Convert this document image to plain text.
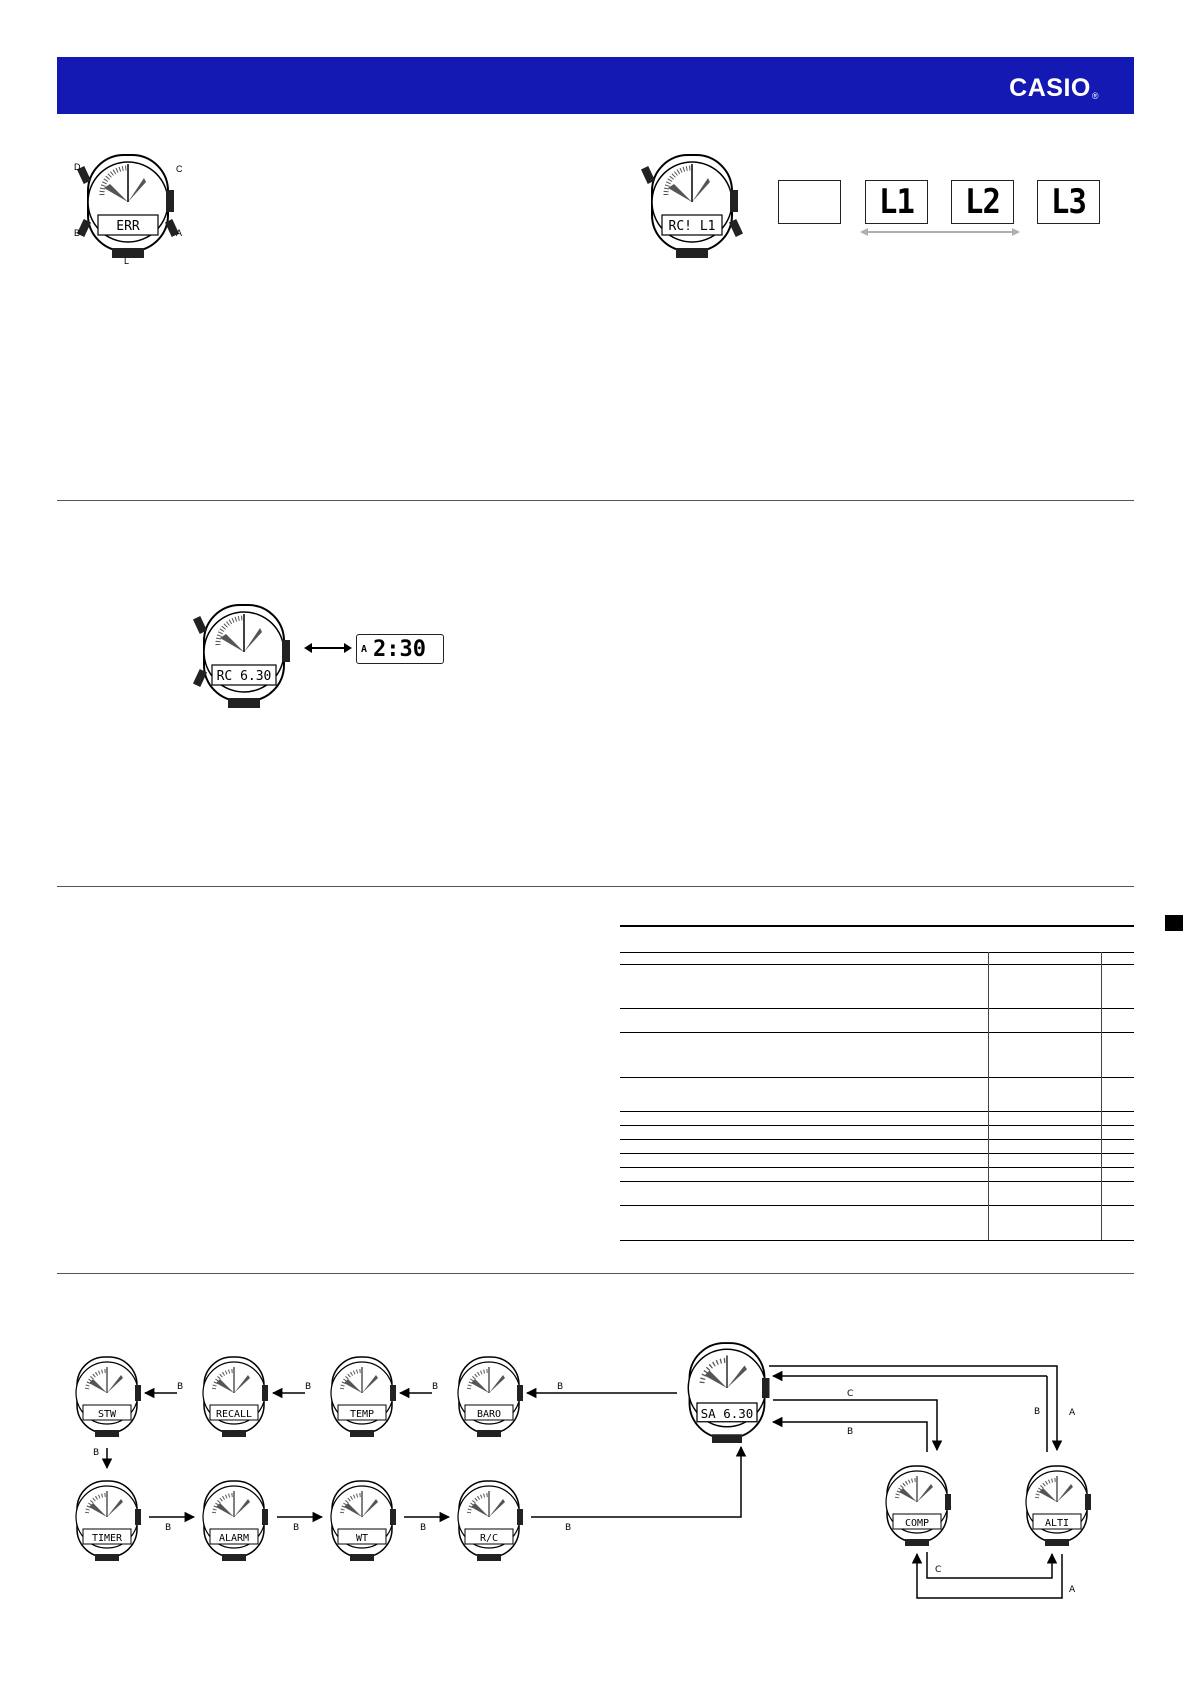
CASIO®
ERR
D	C
B	A
L
RC! L1
L1 L2 L3
RC 6.30
A 2:30
STW	RECALL	TEMP	BARO
TIMER	ALARM	WT	R/C
SA 6.30
COMP	ALTI
B	B	B	B
B
B	B	B	B
C
B
B	A
C
A
